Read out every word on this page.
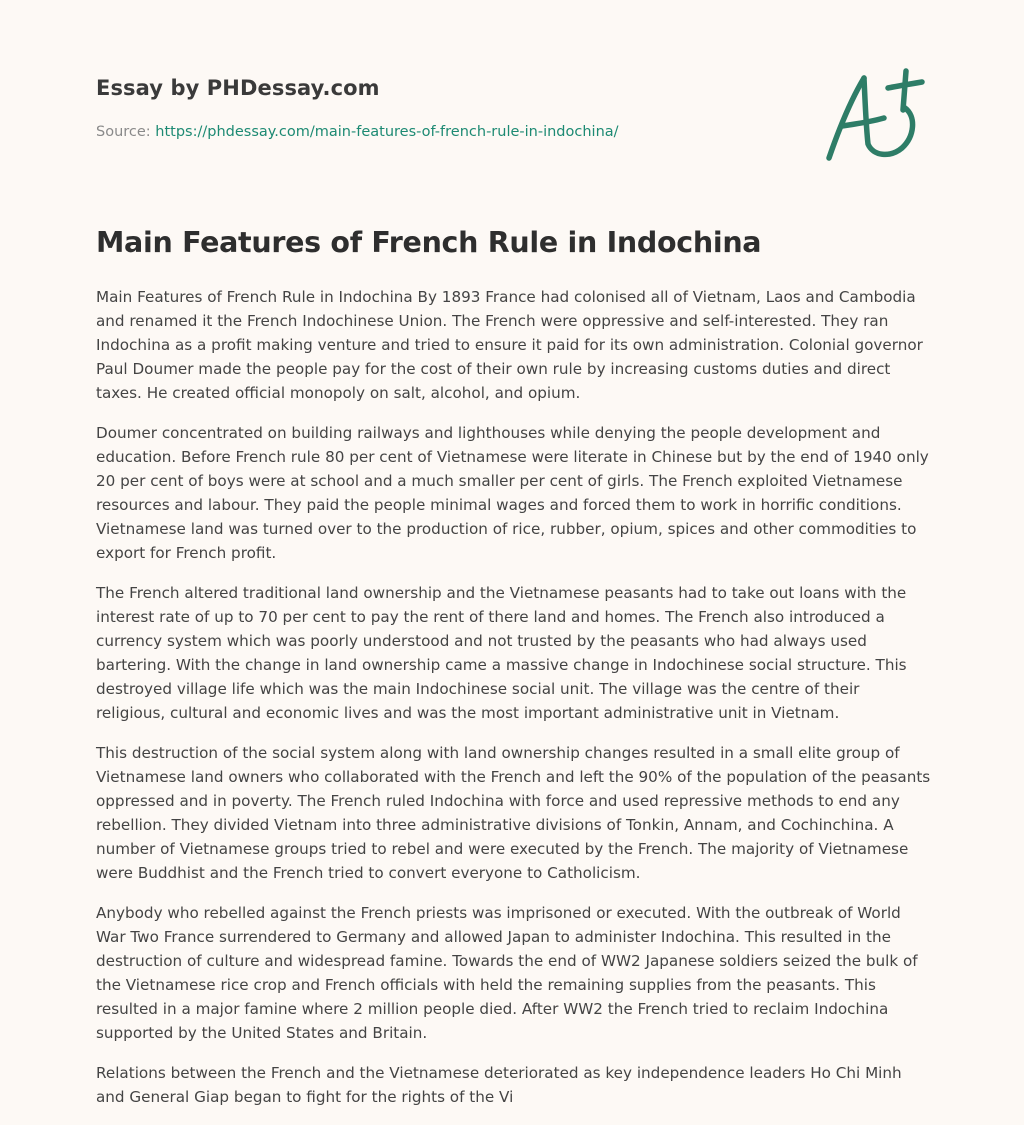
Essay by PHDessay.com
Source: https://phdessay.com/main-features-of-french-rule-in-indochina/
Main Features of French Rule in Indochina

Main Features of French Rule in Indochina By 1893 France had colonised all of Vietnam, Laos and Cambodia and renamed it the French Indochinese Union. The French were oppressive and self-interested. They ran Indochina as a profit making venture and tried to ensure it paid for its own administration. Colonial governor Paul Doumer made the people pay for the cost of their own rule by increasing customs duties and direct taxes. He created official monopoly on salt, alcohol, and opium.

Doumer concentrated on building railways and lighthouses while denying the people development and education. Before French rule 80 per cent of Vietnamese were literate in Chinese but by the end of 1940 only 20 per cent of boys were at school and a much smaller per cent of girls. The French exploited Vietnamese resources and labour. They paid the people minimal wages and forced them to work in horrific conditions. Vietnamese land was turned over to the production of rice, rubber, opium, spices and other commodities to export for French profit.

The French altered traditional land ownership and the Vietnamese peasants had to take out loans with the interest rate of up to 70 per cent to pay the rent of there land and homes. The French also introduced a currency system which was poorly understood and not trusted by the peasants who had always used bartering. With the change in land ownership came a massive change in Indochinese social structure. This destroyed village life which was the main Indochinese social unit. The village was the centre of their religious, cultural and economic lives and was the most important administrative unit in Vietnam.

This destruction of the social system along with land ownership changes resulted in a small elite group of Vietnamese land owners who collaborated with the French and left the 90% of the population of the peasants oppressed and in poverty. The French ruled Indochina with force and used repressive methods to end any rebellion. They divided Vietnam into three administrative divisions of Tonkin, Annam, and Cochinchina. A number of Vietnamese groups tried to rebel and were executed by the French. The majority of Vietnamese were Buddhist and the French tried to convert everyone to Catholicism.

Anybody who rebelled against the French priests was imprisoned or executed. With the outbreak of World War Two France surrendered to Germany and allowed Japan to administer Indochina. This resulted in the destruction of culture and widespread famine. Towards the end of WW2 Japanese soldiers seized the bulk of the Vietnamese rice crop and French officials with held the remaining supplies from the peasants. This resulted in a major famine where 2 million people died. After WW2 the French tried to reclaim Indochina supported by the United States and Britain.

Relations between the French and the Vietnamese deteriorated as key independence leaders Ho Chi Minh and General Giap began to fight for the rights of the Vi
